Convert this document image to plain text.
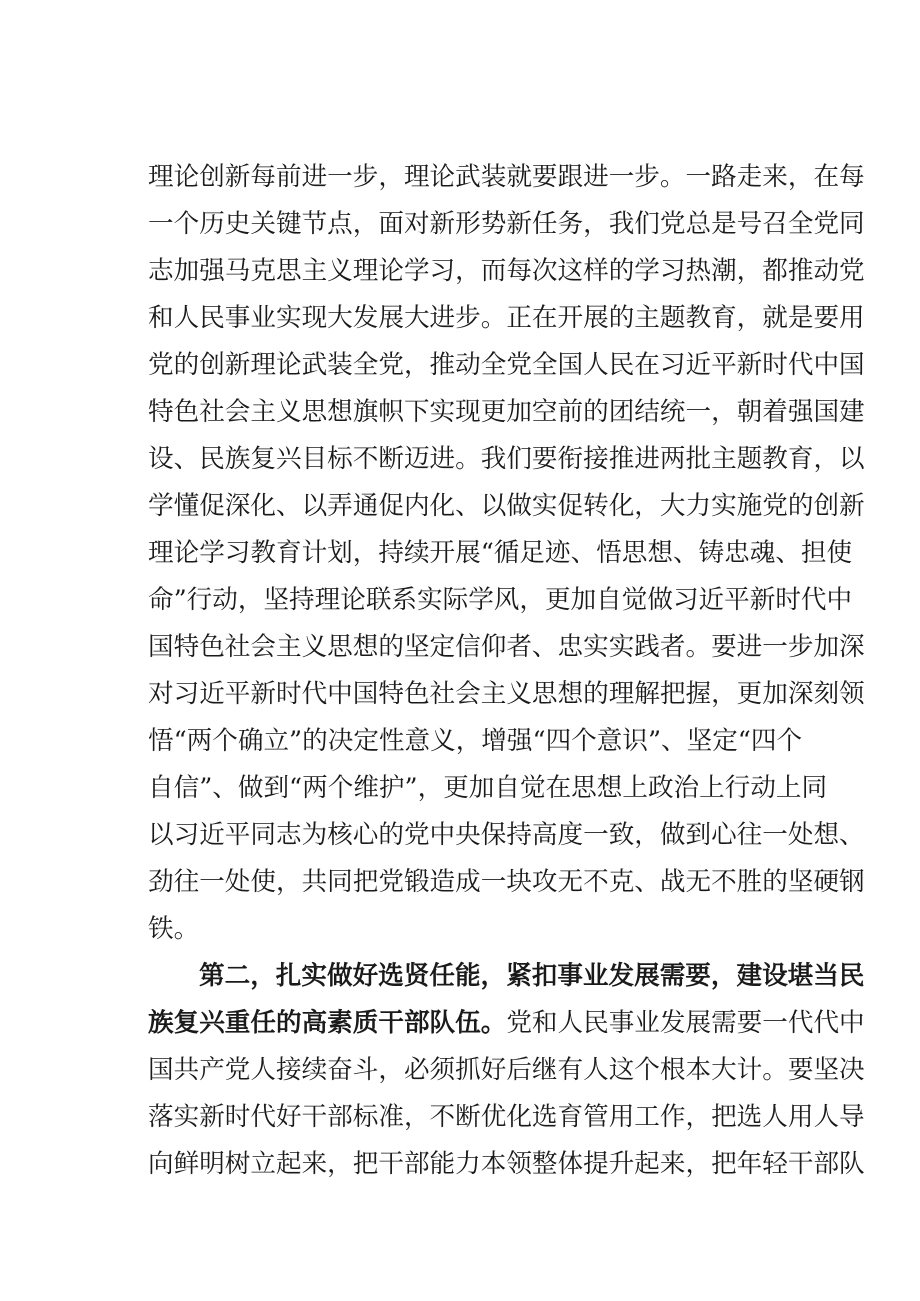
理论创新每前进一步，理论武装就要跟进一步。一路走来，在每
一个历史关键节点，面对新形势新任务，我们党总是号召全党同
志加强马克思主义理论学习，而每次这样的学习热潮，都推动党
和人民事业实现大发展大进步。正在开展的主题教育，就是要用
党的创新理论武装全党，推动全党全国人民在习近平新时代中国
特色社会主义思想旗帜下实现更加空前的团结统一，朝着强国建
设、民族复兴目标不断迈进。我们要衔接推进两批主题教育，以
学懂促深化、以弄通促内化、以做实促转化，大力实施党的创新
理论学习教育计划，持续开展“循足迹、悟思想、铸忠魂、担使
命”行动，坚持理论联系实际学风，更加自觉做习近平新时代中
国特色社会主义思想的坚定信仰者、忠实实践者。要进一步加深
对习近平新时代中国特色社会主义思想的理解把握，更加深刻领
悟“两个确立”的决定性意义，增强“四个意识”、坚定“四个
自信”、做到“两个维护”，更加自觉在思想上政治上行动上同
以习近平同志为核心的党中央保持高度一致，做到心往一处想、
劲往一处使，共同把党锻造成一块攻无不克、战无不胜的坚硬钢
铁。
第二，扎实做好选贤任能，紧扣事业发展需要，建设堪当民
族复兴重任的高素质干部队伍。党和人民事业发展需要一代代中
国共产党人接续奋斗，必须抓好后继有人这个根本大计。要坚决
落实新时代好干部标准，不断优化选育管用工作，把选人用人导
向鲜明树立起来，把干部能力本领整体提升起来，把年轻干部队
